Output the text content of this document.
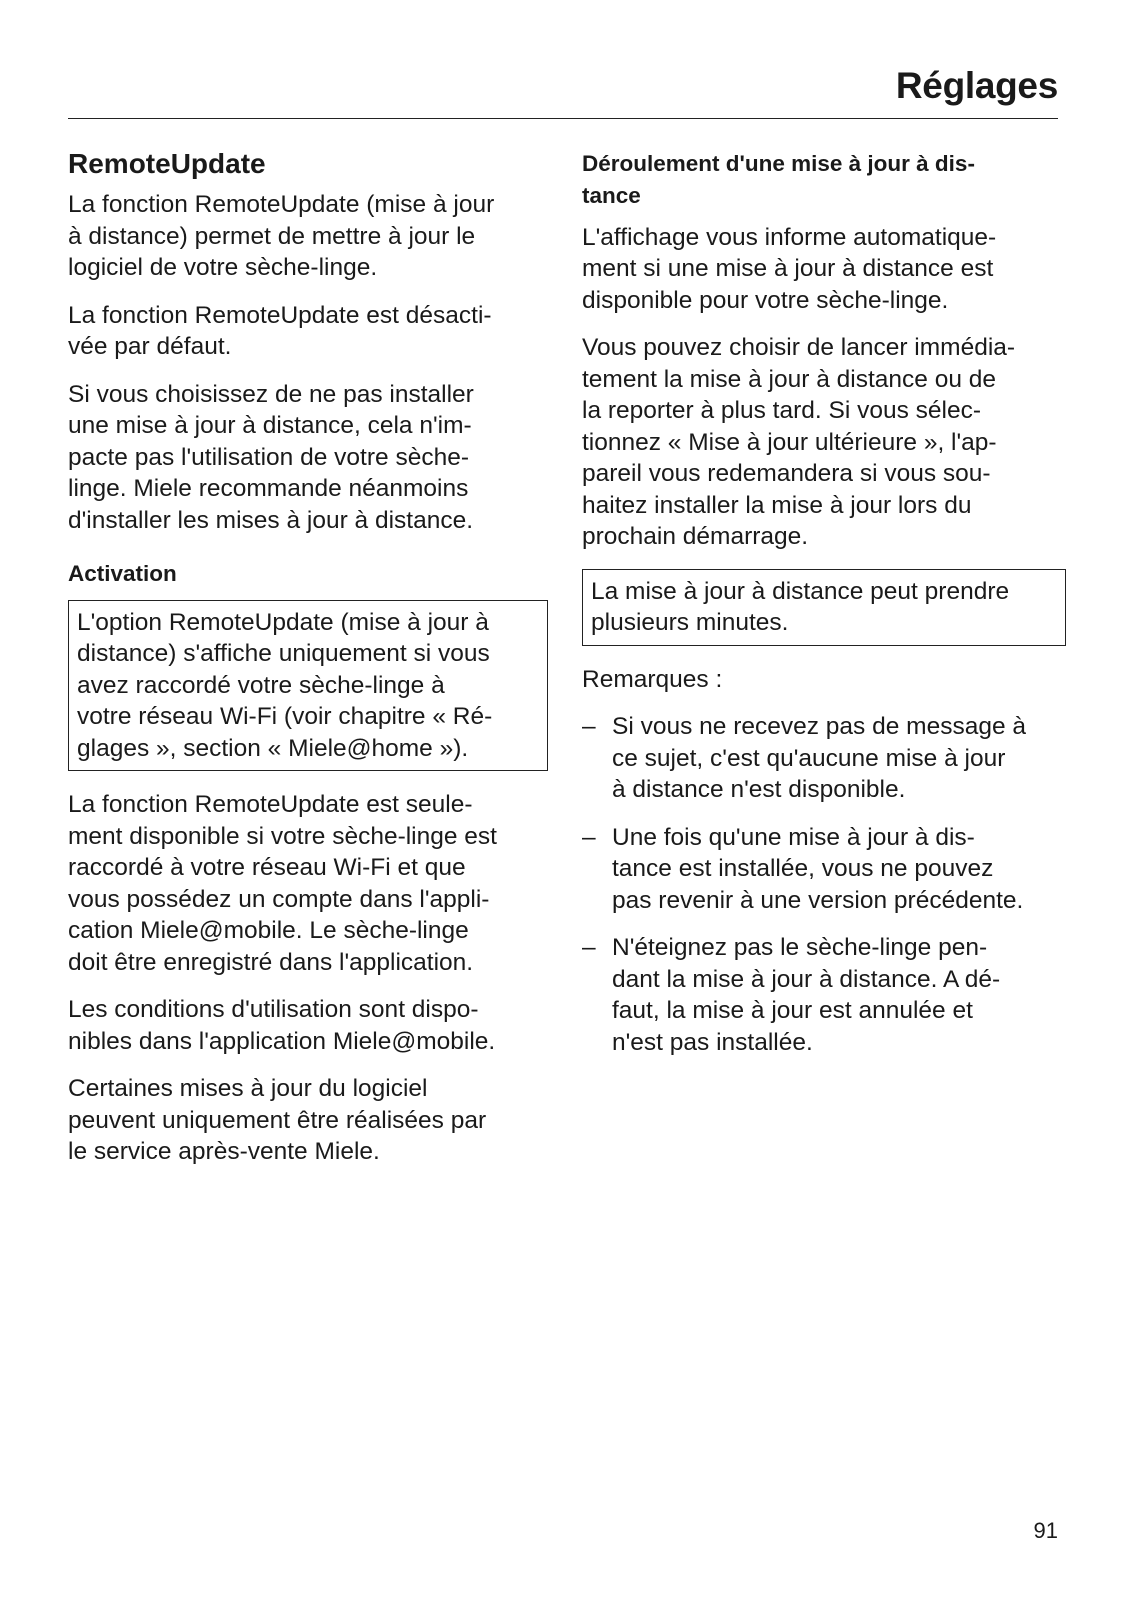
Réglages
RemoteUpdate

La fonction RemoteUpdate (mise à jour
à distance) permet de mettre à jour le
logiciel de votre sèche-linge.

La fonction RemoteUpdate est désacti-
vée par défaut.

Si vous choisissez de ne pas installer
une mise à jour à distance, cela n'im-
pacte pas l'utilisation de votre sèche-
linge. Miele recommande néanmoins
d'installer les mises à jour à distance.

Activation

L'option RemoteUpdate (mise à jour à
distance) s'affiche uniquement si vous
avez raccordé votre sèche-linge à
votre réseau Wi-Fi (voir chapitre « Ré-
glages », section « Miele@home »).

La fonction RemoteUpdate est seule-
ment disponible si votre sèche-linge est
raccordé à votre réseau Wi-Fi et que
vous possédez un compte dans l'appli-
cation Miele@mobile. Le sèche-linge
doit être enregistré dans l'application.

Les conditions d'utilisation sont dispo-
nibles dans l'application Miele@mobile.

Certaines mises à jour du logiciel
peuvent uniquement être réalisées par
le service après-vente Miele.

Déroulement d'une mise à jour à dis-
tance

L'affichage vous informe automatique-
ment si une mise à jour à distance est
disponible pour votre sèche-linge.

Vous pouvez choisir de lancer immédia-
tement la mise à jour à distance ou de
la reporter à plus tard. Si vous sélec-
tionnez « Mise à jour ultérieure », l'ap-
pareil vous redemandera si vous sou-
haitez installer la mise à jour lors du
prochain démarrage.

La mise à jour à distance peut prendre
plusieurs minutes.

Remarques :

– Si vous ne recevez pas de message à
ce sujet, c'est qu'aucune mise à jour
à distance n'est disponible.
– Une fois qu'une mise à jour à dis-
tance est installée, vous ne pouvez
pas revenir à une version précédente.
– N'éteignez pas le sèche-linge pen-
dant la mise à jour à distance. A dé-
faut, la mise à jour est annulée et
n'est pas installée.
91
